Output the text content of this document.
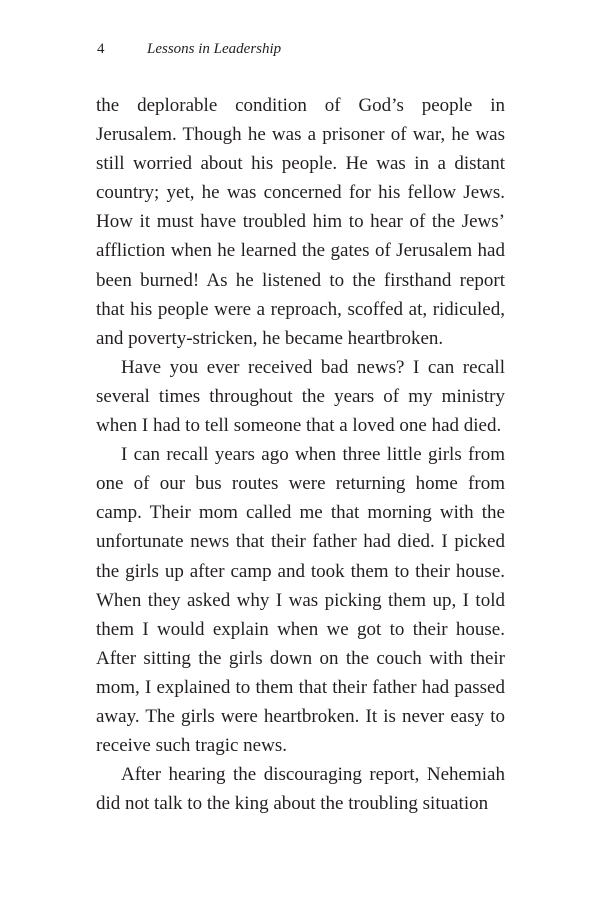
4	Lessons in Leadership

the deplorable condition of God’s people in Jerusalem. Though he was a prisoner of war, he was still worried about his people. He was in a distant country; yet, he was concerned for his fellow Jews. How it must have troubled him to hear of the Jews’ affliction when he learned the gates of Jerusalem had been burned! As he listened to the firsthand report that his people were a reproach, scoffed at, ridiculed, and poverty-stricken, he became heartbroken.

Have you ever received bad news? I can recall several times throughout the years of my ministry when I had to tell someone that a loved one had died.

I can recall years ago when three little girls from one of our bus routes were returning home from camp. Their mom called me that morning with the unfortunate news that their father had died. I picked the girls up after camp and took them to their house. When they asked why I was picking them up, I told them I would explain when we got to their house. After sitting the girls down on the couch with their mom, I explained to them that their father had passed away. The girls were heartbroken. It is never easy to receive such tragic news.

After hearing the discouraging report, Nehemiah did not talk to the king about the troubling situation
